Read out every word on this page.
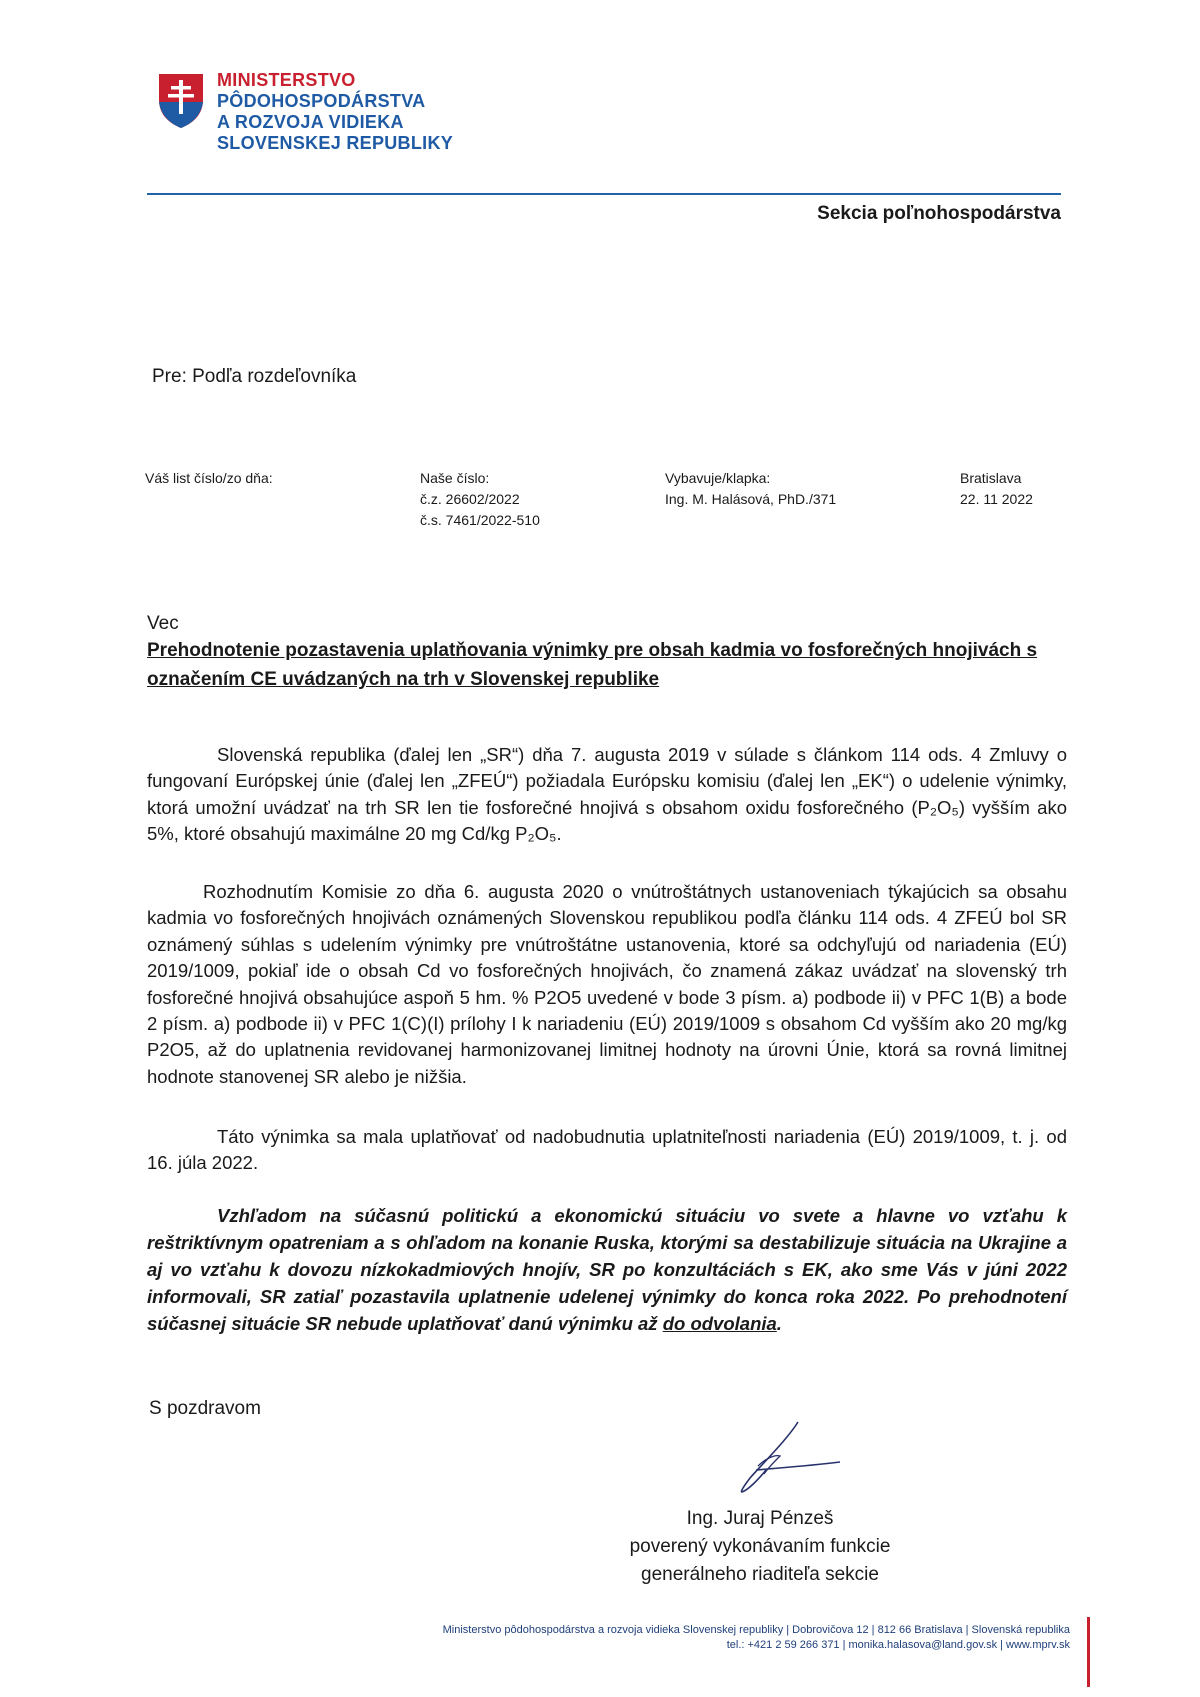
MINISTERSTVO
PÔDOHOSPODÁRSTVA
A ROZVOJA VIDIEKA
SLOVENSKEJ REPUBLIKY
Sekcia poľnohospodárstva
Pre: Podľa rozdeľovníka
Váš list číslo/zo dňa:	Naše číslo:
č.z. 26602/2022
č.s. 7461/2022-510
Vybavuje/klapka:
Ing. M. Halásová, PhD./371
Bratislava
22. 11 2022
Vec
Prehodnotenie pozastavenia uplatňovania výnimky pre obsah kadmia vo fosforečných hnojivách s označením CE uvádzaných na trh v Slovenskej republike
Slovenská republika (ďalej len „SR“) dňa 7. augusta 2019 v súlade s článkom 114 ods. 4 Zmluvy o fungovaní Európskej únie (ďalej len „ZFEÚ“) požiadala Európsku komisiu (ďalej len „EK“) o udelenie výnimky, ktorá umožní uvádzať na trh SR len tie fosforečné hnojivá s obsahom oxidu fosforečného (P₂O₅) vyšším ako 5%, ktoré obsahujú maximálne 20 mg Cd/kg P₂O₅.
Rozhodnutím Komisie zo dňa 6. augusta 2020 o vnútroštátnych ustanoveniach týkajúcich sa obsahu kadmia vo fosforečných hnojivách oznámených Slovenskou republikou podľa článku 114 ods. 4 ZFEÚ bol SR oznámený súhlas s udelením výnimky pre vnútroštátne ustanovenia, ktoré sa odchyľujú od nariadenia (EÚ) 2019/1009, pokiaľ ide o obsah Cd vo fosforečných hnojivách, čo znamená zákaz uvádzať na slovenský trh fosforečné hnojivá obsahujúce aspoň 5 hm. % P2O5 uvedené v bode 3 písm. a) podbode ii) v PFC 1(B) a bode 2 písm. a) podbode ii) v PFC 1(C)(I) prílohy I k nariadeniu (EÚ) 2019/1009 s obsahom Cd vyšším ako 20 mg/kg P2O5, až do uplatnenia revidovanej harmonizovanej limitnej hodnoty na úrovni Únie, ktorá sa rovná limitnej hodnote stanovenej SR alebo je nižšia.
Táto výnimka sa mala uplatňovať od nadobudnutia uplatniteľnosti nariadenia (EÚ) 2019/1009, t. j. od 16. júla 2022.
Vzhľadom na súčasnú politickú a ekonomickú situáciu vo svete a hlavne vo vzťahu k reštriktívnym opatreniam a s ohľadom na konanie Ruska, ktorými sa destabilizuje situácia na Ukrajine a aj vo vzťahu k dovozu nízkokadmiových hnojív, SR po konzultáciách s EK, ako sme Vás v júni 2022 informovali, SR zatiaľ pozastavila uplatnenie udelenej výnimky do konca roka 2022. Po prehodnotení súčasnej situácie SR nebude uplatňovať danú výnimku až do odvolania.
S pozdravom
Ing. Juraj Pénzeš
poverený vykonávaním funkcie
generálneho riaditeľa sekcie
Ministerstvo pôdohospodárstva a rozvoja vidieka Slovenskej republiky | Dobrovičova 12 | 812 66 Bratislava | Slovenská republika
tel.: +421 2 59 266 371 | monika.halasova@land.gov.sk | www.mprv.sk
